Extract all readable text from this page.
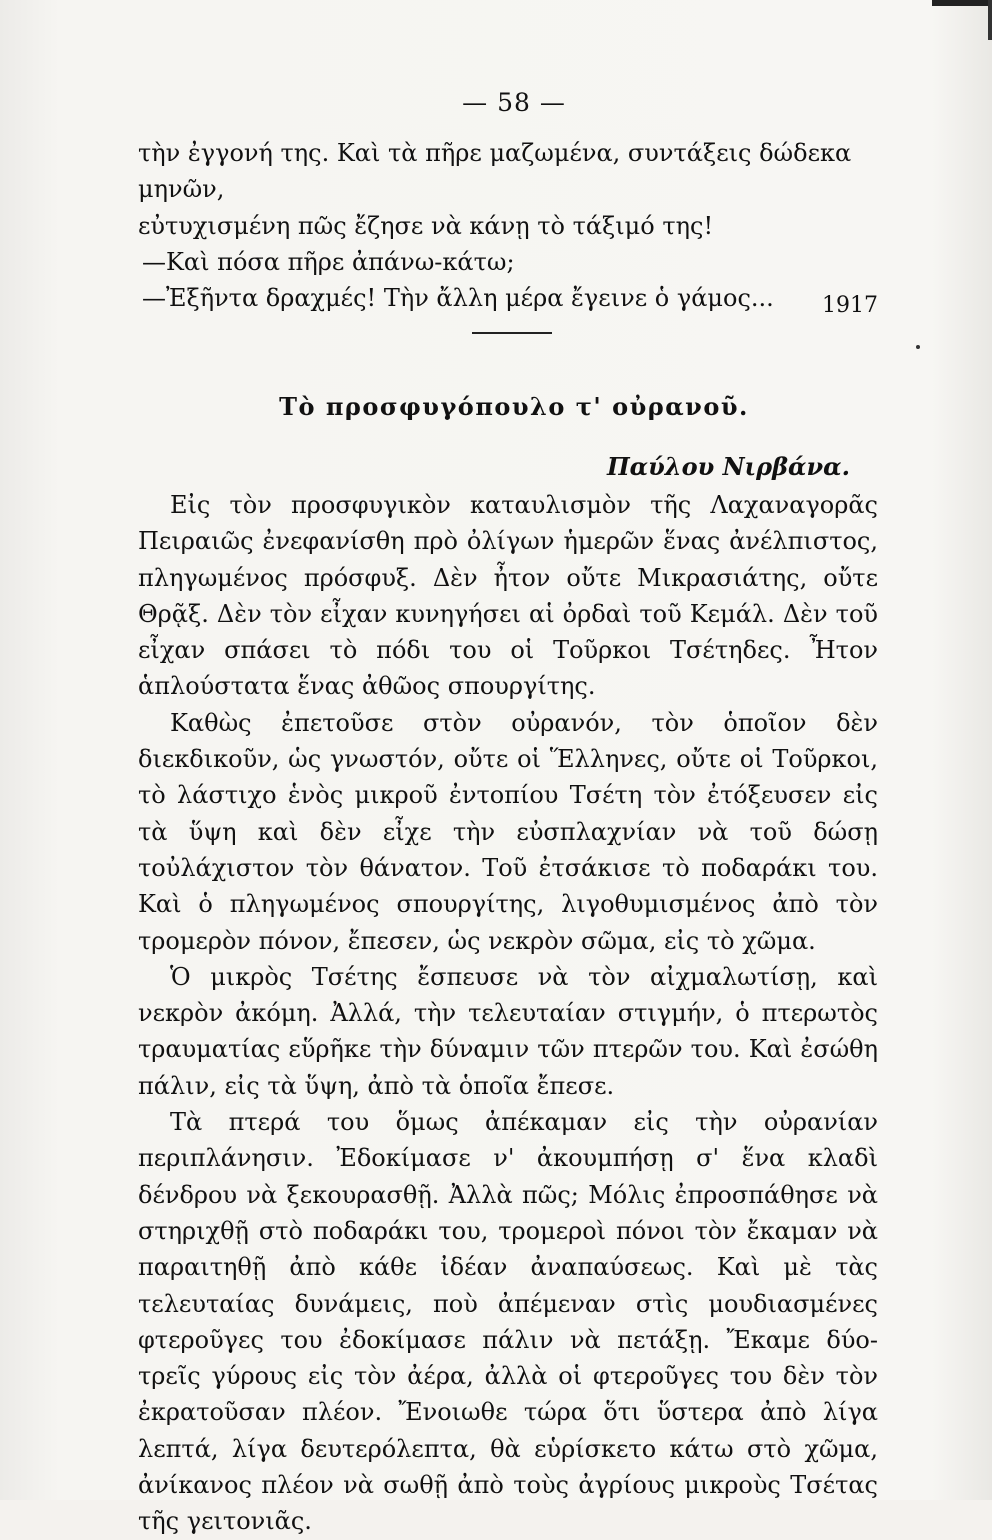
— 58 —
τὴν ἐγγονή της. Καὶ τὰ πῆρε μαζωμένα, συντάξεις δώδεκα μηνῶν,
εὐτυχισμένη πῶς ἔζησε νὰ κάνῃ τὸ τάξιμό της!
—Καὶ πόσα πῆρε ἀπάνω-κάτω;
—Ἐξῆντα δραχμές! Τὴν ἄλλη μέρα ἔγεινε ὁ γάμος...	1917
Τὸ προσφυγόπουλο τ' οὐρανοῦ.
Παύλου Νιρβάνα.

Εἰς τὸν προσφυγικὸν καταυλισμὸν τῆς Λαχαναγορᾶς Πειραιῶς ἐνεφανίσθη πρὸ ὀλίγων ἡμερῶν ἕνας ἀνέλπιστος, πληγωμένος πρόσφυξ. Δὲν ἦτον οὔτε Μικρασιάτης, οὔτε Θρᾷξ. Δὲν τὸν εἶχαν κυνηγήσει αἱ ὀρδαὶ τοῦ Κεμάλ. Δὲν τοῦ εἶχαν σπάσει τὸ πόδι του οἱ Τοῦρκοι Τσέτηδες. Ἦτον ἁπλούστατα ἕνας ἀθῶος σπουργίτης.

Καθὼς ἐπετοῦσε στὸν οὐρανόν, τὸν ὁποῖον δὲν διεκδικοῦν, ὡς γνωστόν, οὔτε οἱ Ἕλληνες, οὔτε οἱ Τοῦρκοι, τὸ λάστιχο ἑνὸς μικροῦ ἐντοπίου Τσέτη τὸν ἐτόξευσεν εἰς τὰ ὕψη καὶ δὲν εἶχε τὴν εὐσπλαχνίαν νὰ τοῦ δώσῃ τοὐλάχιστον τὸν θάνατον. Τοῦ ἐτσάκισε τὸ ποδαράκι του. Καὶ ὁ πληγωμένος σπουργίτης, λιγοθυμισμένος ἀπὸ τὸν τρομερὸν πόνον, ἔπεσεν, ὡς νεκρὸν σῶμα, εἰς τὸ χῶμα.

Ὁ μικρὸς Τσέτης ἔσπευσε νὰ τὸν αἰχμαλωτίσῃ, καὶ νεκρὸν ἀκόμη. Ἀλλά, τὴν τελευταίαν στιγμήν, ὁ πτερωτὸς τραυματίας εὕρῆκε τὴν δύναμιν τῶν πτερῶν του. Καὶ ἐσώθη πάλιν, εἰς τὰ ὕψη, ἀπὸ τὰ ὁποῖα ἔπεσε.

Τὰ πτερά του ὅμως ἀπέκαμαν εἰς τὴν οὐρανίαν περιπλάνησιν. Ἐδοκίμασε ν' ἀκουμπήσῃ σ' ἕνα κλαδὶ δένδρου νὰ ξεκουρασθῇ. Ἀλλὰ πῶς; Μόλις ἐπροσπάθησε νὰ στηριχθῇ στὸ ποδαράκι του, τρομεροὶ πόνοι τὸν ἔκαμαν νὰ παραιτηθῇ ἀπὸ κάθε ἰδέαν ἀναπαύσεως. Καὶ μὲ τὰς τελευταίας δυνάμεις, ποὺ ἀπέμεναν στὶς μουδιασμένες φτεροῦγες του ἐδοκίμασε πάλιν νὰ πετάξῃ. Ἔκαμε δύο-τρεῖς γύρους εἰς τὸν ἀέρα, ἀλλὰ οἱ φτεροῦγες του δὲν τὸν ἐκρατοῦσαν πλέον. Ἔνοιωθε τώρα ὅτι ὕστερα ἀπὸ λίγα λεπτά, λίγα δευτερόλεπτα, θὰ εὑρίσκετο κάτω στὸ χῶμα, ἀνίκανος πλέον νὰ σωθῇ ἀπὸ τοὺς ἀγρίους μικροὺς Τσέτας τῆς γειτονιᾶς.
